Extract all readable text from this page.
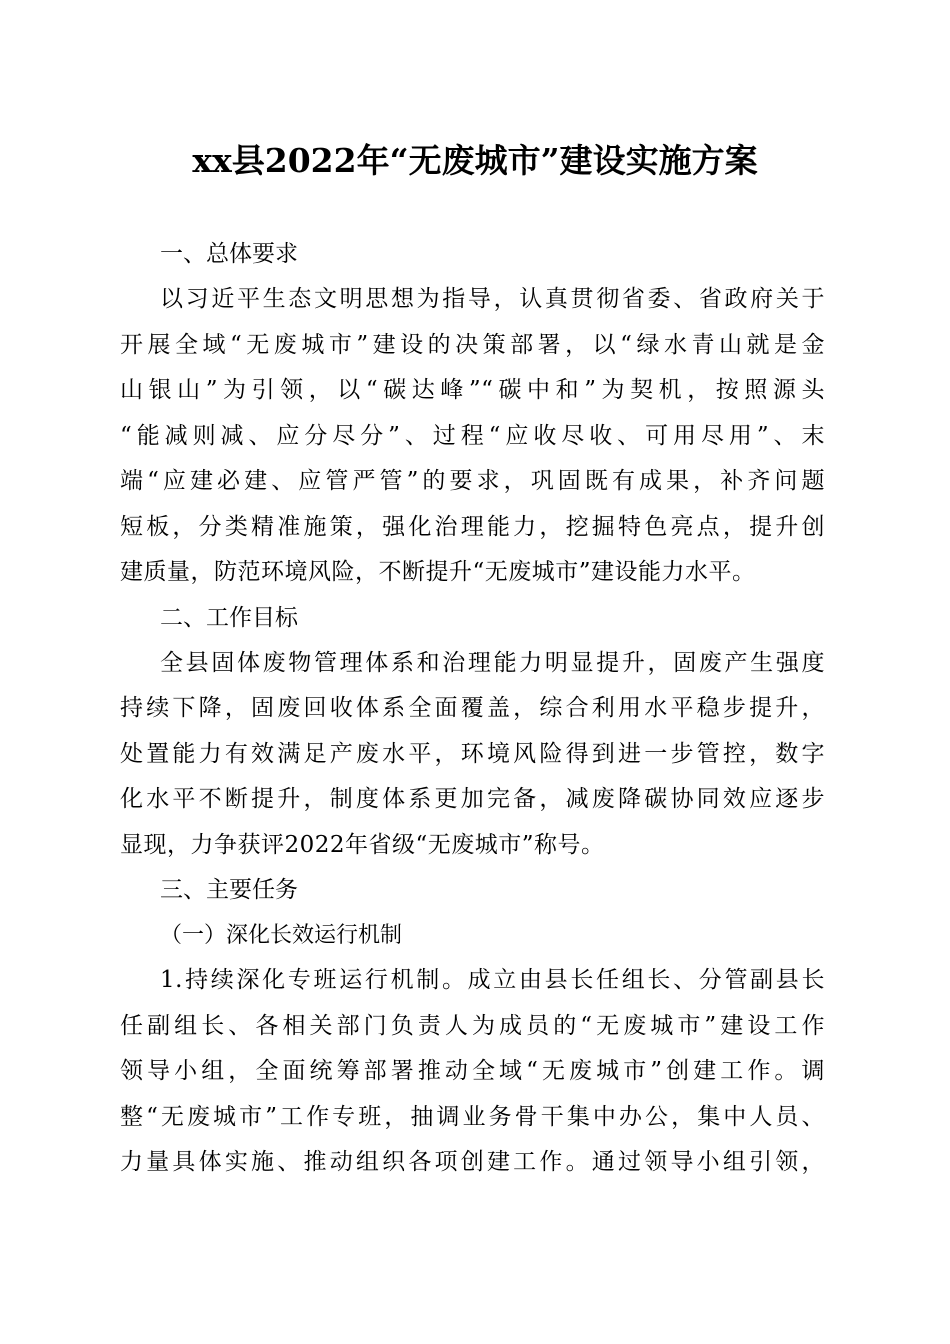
xx县2022年“无废城市”建设实施方案
一、总体要求
以习近平生态文明思想为指导，认真贯彻省委、省政府关于
开展全域“无废城市”建设的决策部署，以“绿水青山就是金
山银山”为引领，以“碳达峰”“碳中和”为契机，按照源头
“能减则减、应分尽分”、过程“应收尽收、可用尽用”、末
端“应建必建、应管严管”的要求，巩固既有成果，补齐问题
短板，分类精准施策，强化治理能力，挖掘特色亮点，提升创
建质量，防范环境风险，不断提升“无废城市”建设能力水平。
二、工作目标
全县固体废物管理体系和治理能力明显提升，固废产生强度
持续下降，固废回收体系全面覆盖，综合利用水平稳步提升，
处置能力有效满足产废水平，环境风险得到进一步管控，数字
化水平不断提升，制度体系更加完备，减废降碳协同效应逐步
显现，力争获评2022年省级“无废城市”称号。
三、主要任务
（一）深化长效运行机制
1.持续深化专班运行机制。成立由县长任组长、分管副县长
任副组长、各相关部门负责人为成员的“无废城市”建设工作
领导小组，全面统筹部署推动全域“无废城市”创建工作。调
整“无废城市”工作专班，抽调业务骨干集中办公，集中人员、
力量具体实施、推动组织各项创建工作。通过领导小组引领，
